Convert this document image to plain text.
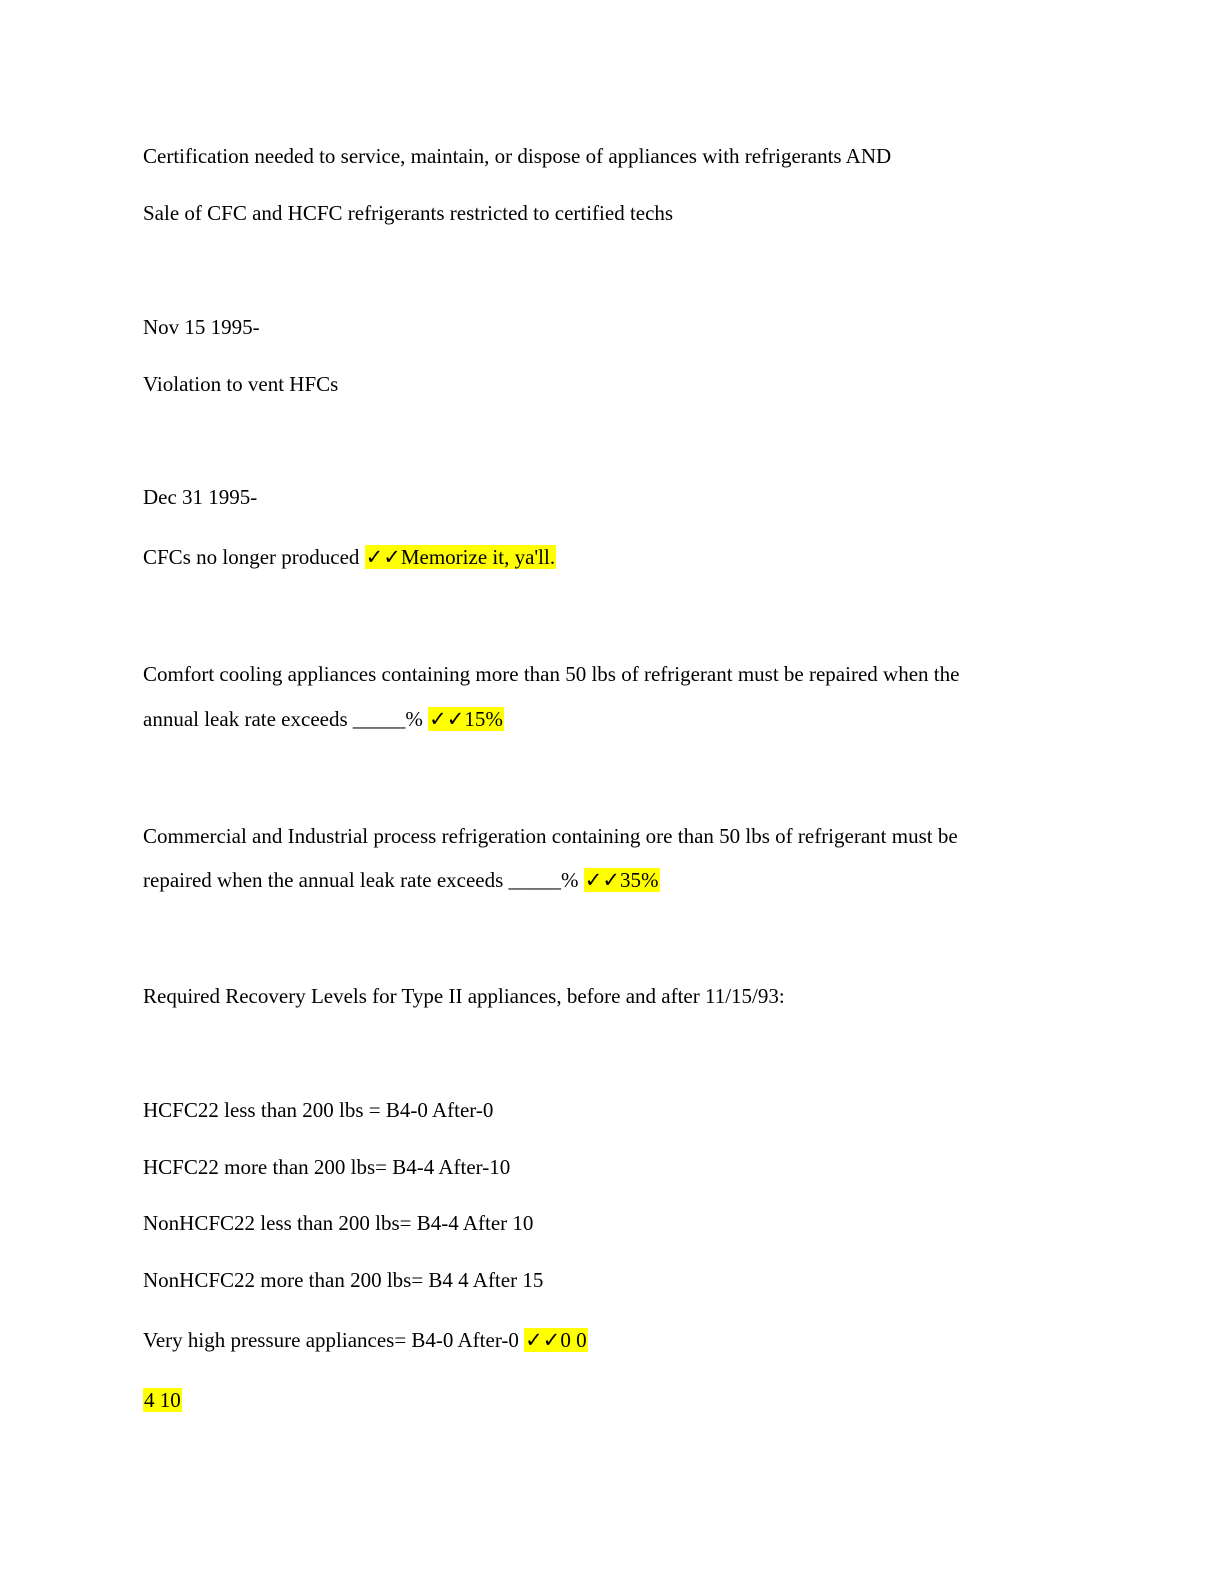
Certification needed to service, maintain, or dispose of appliances with refrigerants AND
Sale of CFC and HCFC refrigerants restricted to certified techs
Nov 15 1995-
Violation to vent HFCs
Dec 31 1995-
CFCs no longer produced ✓✓Memorize it, ya'll.
Comfort cooling appliances containing more than 50 lbs of refrigerant must be repaired when the
annual leak rate exceeds _____% ✓✓15%
Commercial and Industrial process refrigeration containing ore than 50 lbs of refrigerant must be
repaired when the annual leak rate exceeds _____% ✓✓35%
Required Recovery Levels for Type II appliances, before and after 11/15/93:
HCFC22 less than 200 lbs = B4-0 After-0
HCFC22 more than 200 lbs= B4-4 After-10
NonHCFC22 less than 200 lbs= B4-4 After 10
NonHCFC22 more than 200 lbs= B4 4 After 15
Very high pressure appliances= B4-0 After-0 ✓✓0 0
4 10
